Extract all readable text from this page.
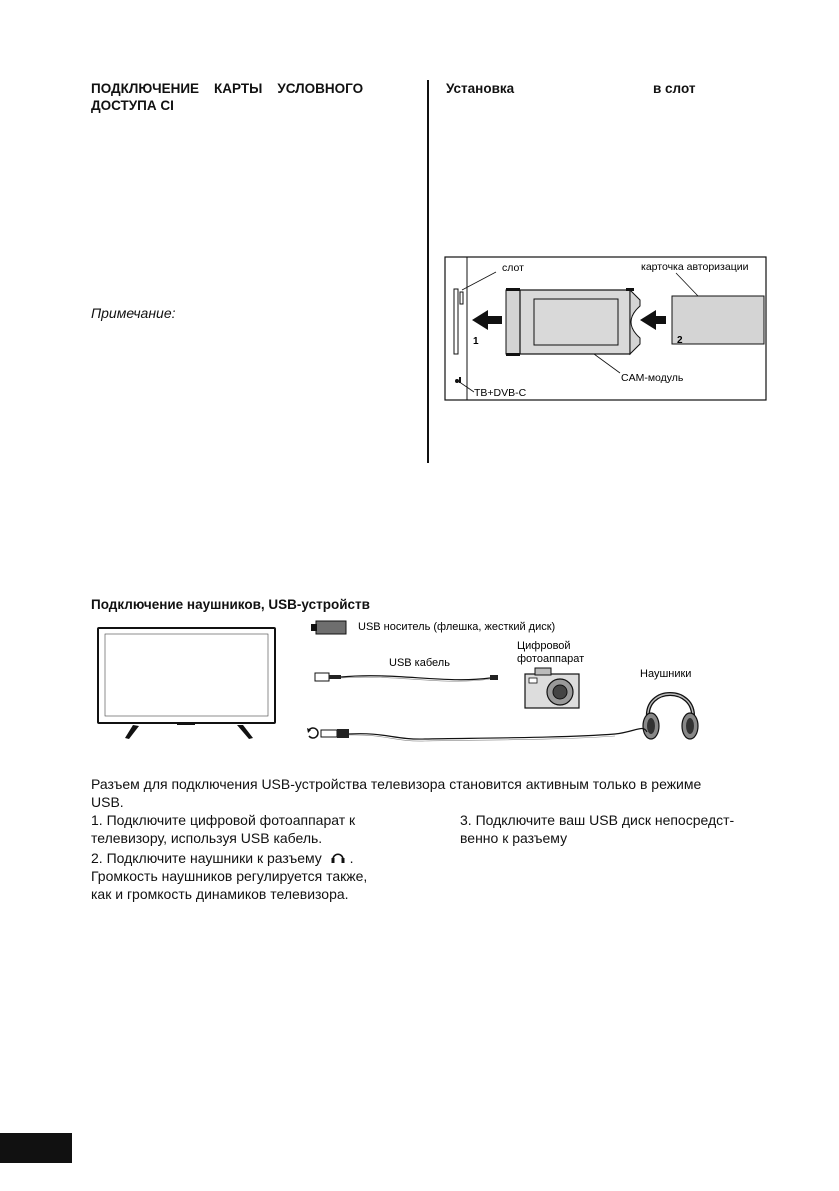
ПОДКЛЮЧЕНИЕ    КАРТЫ    УСЛОВНОГО
ДОСТУПА CI
Примечание:
Установка	в слот
слот	карточка авторизации
CAM-модуль
ТВ+DVB-C
1	2
Подключение наушников, USB-устройств
USB носитель (флешка, жесткий диск)
USB кабель
Цифровой
фотоаппарат
Наушники
Разъем для подключения USB-устройства телевизора становится активным только в режиме
USB.
1. Подключите цифровой фотоаппарат к
телевизору, используя USB кабель.
2. Подключите наушники к разъему .
Громкость наушников регулируется также,
как и громкость динамиков телевизора.
3. Подключите ваш USB диск непосредст-
венно к разъему
